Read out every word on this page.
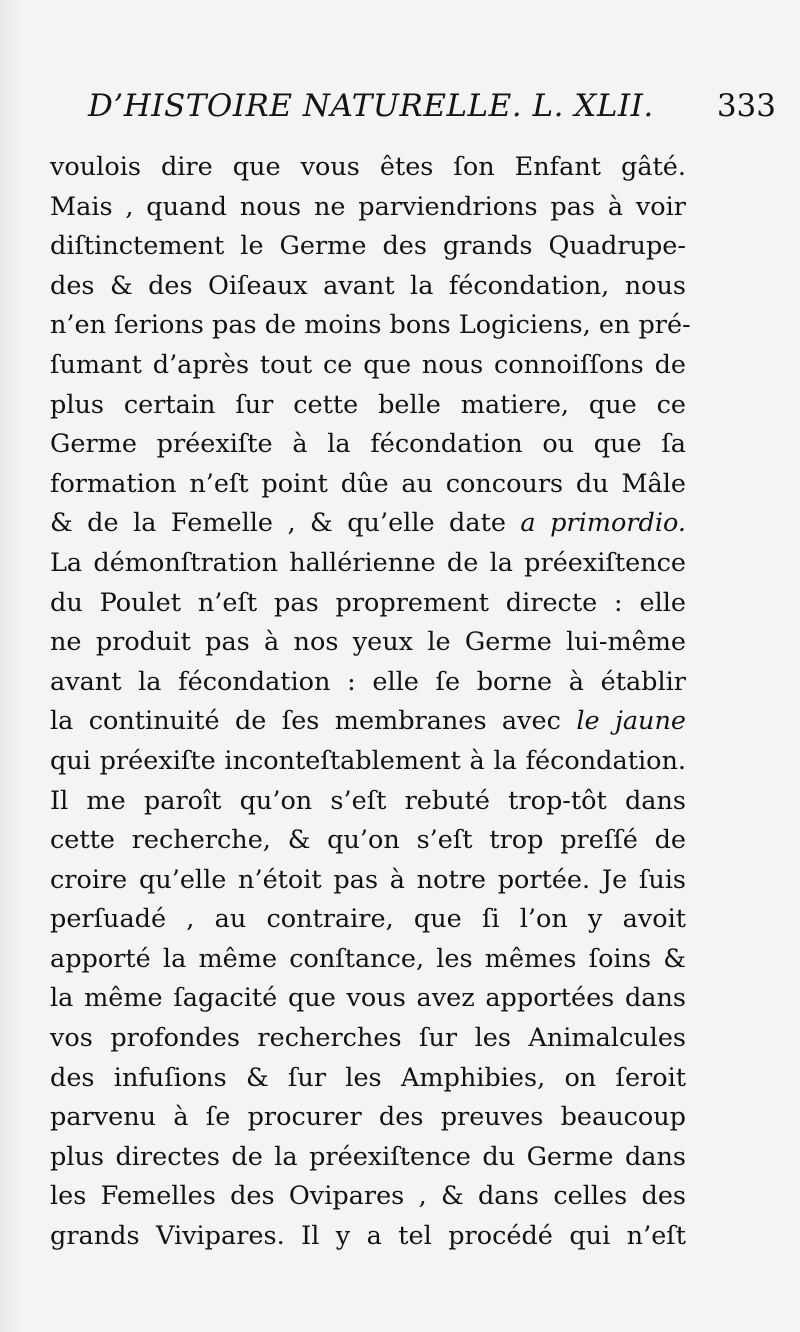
D’HISTOIRE NATURELLE. L. XLII. 333
voulois dire que vous êtes ſon Enfant gâté.
Mais , quand nous ne parviendrions pas à voir
diſtinctement le Germe des grands Quadrupe-
des & des Oiſeaux avant la fécondation, nous
n’en ſerions pas de moins bons Logiciens, en pré-
ſumant d’après tout ce que nous connoiſſons de
plus certain ſur cette belle matiere, que ce
Germe préexiſte à la fécondation ou que ſa
formation n’eſt point dûe au concours du Mâle
& de la Femelle , & qu’elle date a primordio.
La démonſtration hallérienne de la préexiſtence
du Poulet n’eſt pas proprement directe : elle
ne produit pas à nos yeux le Germe lui-même
avant la fécondation : elle ſe borne à établir
la continuité de ſes membranes avec le jaune
qui préexiſte inconteſtablement à la fécondation.
Il me paroît qu’on s’eſt rebuté trop-tôt dans
cette recherche, & qu’on s’eſt trop preſſé de
croire qu’elle n’étoit pas à notre portée. Je ſuis
perſuadé , au contraire, que ſi l’on y avoit
apporté la même conſtance, les mêmes ſoins &
la même ſagacité que vous avez apportées dans
vos profondes recherches ſur les Animalcules
des infuſions & ſur les Amphibies, on ſeroit
parvenu à ſe procurer des preuves beaucoup
plus directes de la préexiſtence du Germe dans
les Femelles des Ovipares , & dans celles des
grands Vivipares. Il y a tel procédé qui n’eſt
